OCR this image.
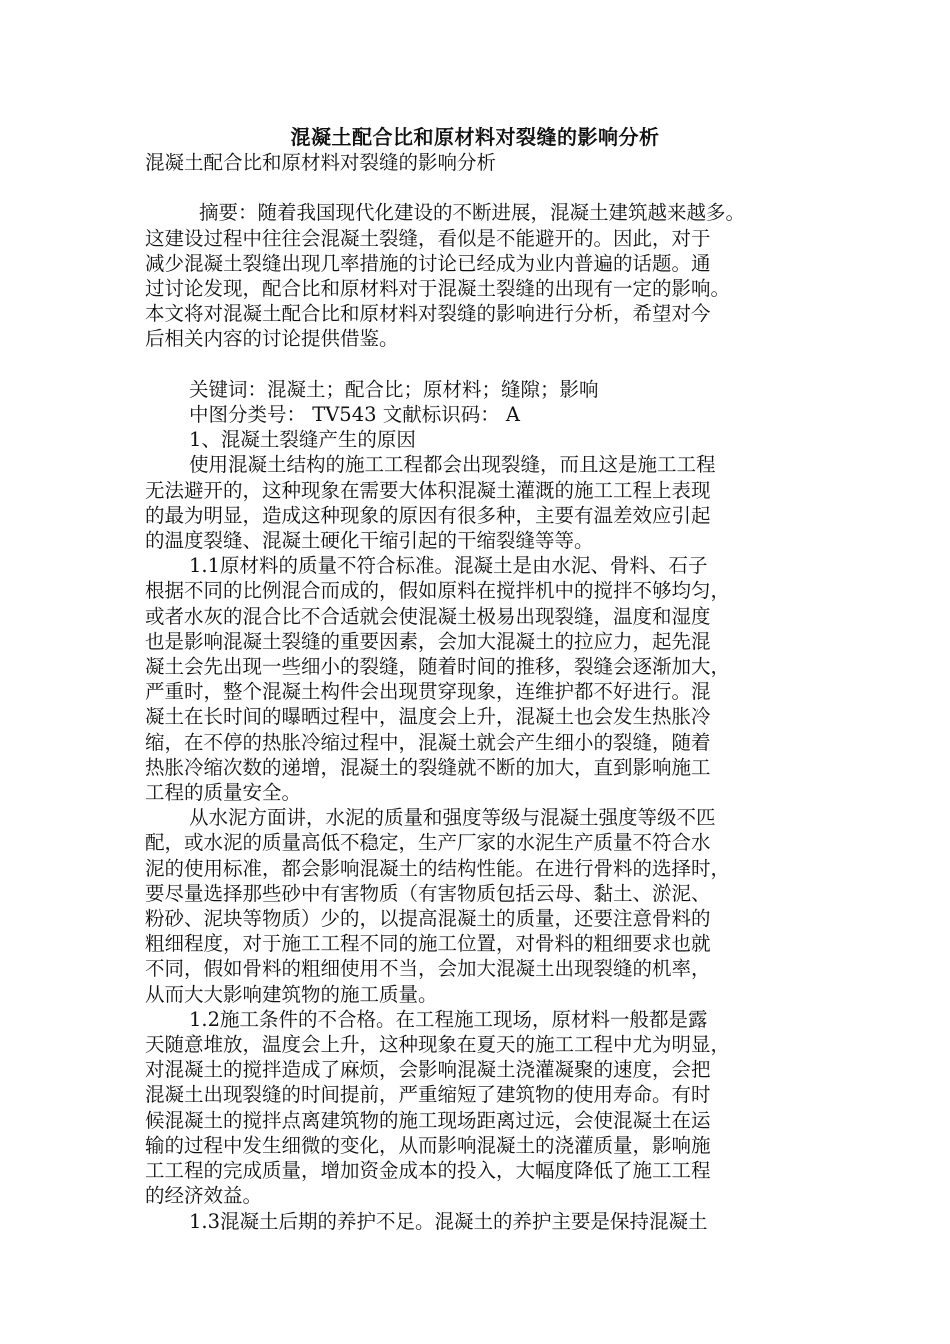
混凝土配合比和原材料对裂缝的影响分析
混凝土配合比和原材料对裂缝的影响分析
摘要：随着我国现代化建设的不断进展，混凝土建筑越来越多。
这建设过程中往往会混凝土裂缝，看似是不能避开的。因此，对于
减少混凝土裂缝出现几率措施的讨论已经成为业内普遍的话题。通
过讨论发现，配合比和原材料对于混凝土裂缝的出现有一定的影响。
本文将对混凝土配合比和原材料对裂缝的影响进行分析，希望对今
后相关内容的讨论提供借鉴。
关键词：混凝土；配合比；原材料；缝隙；影响
中图分类号： TV543 文献标识码： A
1、混凝土裂缝产生的原因
使用混凝土结构的施工工程都会出现裂缝，而且这是施工工程
无法避开的，这种现象在需要大体积混凝土灌溉的施工工程上表现
的最为明显，造成这种现象的原因有很多种，主要有温差效应引起
的温度裂缝、混凝土硬化干缩引起的干缩裂缝等等。
1.1原材料的质量不符合标准。混凝土是由水泥、骨料、石子
根据不同的比例混合而成的，假如原料在搅拌机中的搅拌不够均匀，
或者水灰的混合比不合适就会使混凝土极易出现裂缝，温度和湿度
也是影响混凝土裂缝的重要因素，会加大混凝土的拉应力，起先混
凝土会先出现一些细小的裂缝，随着时间的推移，裂缝会逐渐加大，
严重时，整个混凝土构件会出现贯穿现象，连维护都不好进行。混
凝土在长时间的曝晒过程中，温度会上升，混凝土也会发生热胀冷
缩，在不停的热胀冷缩过程中，混凝土就会产生细小的裂缝，随着
热胀冷缩次数的递增，混凝土的裂缝就不断的加大，直到影响施工
工程的质量安全。
从水泥方面讲，水泥的质量和强度等级与混凝土强度等级不匹
配，或水泥的质量高低不稳定，生产厂家的水泥生产质量不符合水
泥的使用标准，都会影响混凝土的结构性能。在进行骨料的选择时，
要尽量选择那些砂中有害物质（有害物质包括云母、黏土、淤泥、
粉砂、泥块等物质）少的，以提高混凝土的质量，还要注意骨料的
粗细程度，对于施工工程不同的施工位置，对骨料的粗细要求也就
不同，假如骨料的粗细使用不当，会加大混凝土出现裂缝的机率，
从而大大影响建筑物的施工质量。
1.2施工条件的不合格。在工程施工现场，原材料一般都是露
天随意堆放，温度会上升，这种现象在夏天的施工工程中尤为明显，
对混凝土的搅拌造成了麻烦，会影响混凝土浇灌凝聚的速度，会把
混凝土出现裂缝的时间提前，严重缩短了建筑物的使用寿命。有时
候混凝土的搅拌点离建筑物的施工现场距离过远，会使混凝土在运
输的过程中发生细微的变化，从而影响混凝土的浇灌质量，影响施
工工程的完成质量，增加资金成本的投入，大幅度降低了施工工程
的经济效益。
1.3混凝土后期的养护不足。混凝土的养护主要是保持混凝土
